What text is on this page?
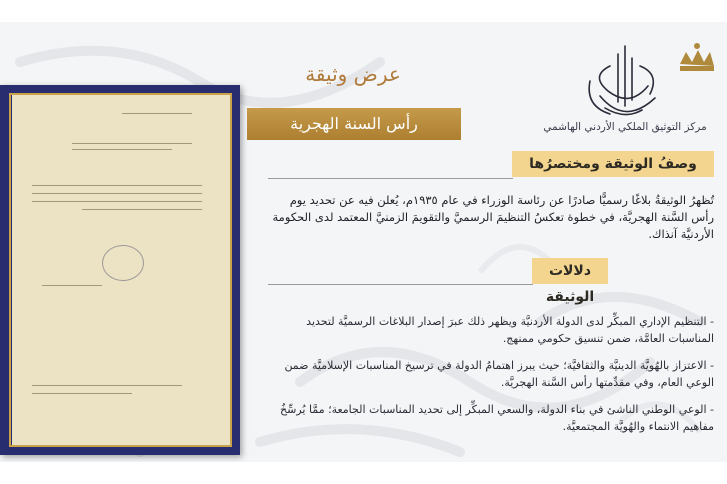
عرض وثيقة
رأس السنة الهجرية	مركز التوثيق الملكي الأردني الهاشمي
وصفُ الوثيقة ومختصرُها
تُظهرُ الوثيقةُ بلاغًا رسميًّا صادرًا عن رئاسة الوزراء في عام ١٩٣٥م، يُعلن فيه عن تحديد يوم رأس السَّنة الهجريَّة، في خطوة تعكسُ التنظيمَ الرسميَّ والتقويمَ الزمنيَّ المعتمد لدى الحكومة الأردنيَّة آنذاك.
دلالات الوثيقة
- التنظيم الإداري المبكِّر لدى الدولة الأردنيَّة ويظهر ذلك عبرَ إصدار البلاغات الرسميَّة لتحديد المناسبات العامَّة، ضمن تنسيق حكومي ممنهج.
- الاعتزاز بالهُويَّة الدينيَّة والثقافيَّة؛ حيث يبرز اهتمامُ الدولة في ترسيخ المناسبات الإسلاميَّة ضمن الوعي العام، وفي مقدِّمتها رأس السَّنة الهجريَّة.
- الوعي الوطني الناشئ في بناء الدولة، والسعي المبكِّر إلى تحديد المناسبات الجامعة؛ ممَّا يُرسِّخُ مفاهيم الانتماء والهُويَّة المجتمعيَّة.
